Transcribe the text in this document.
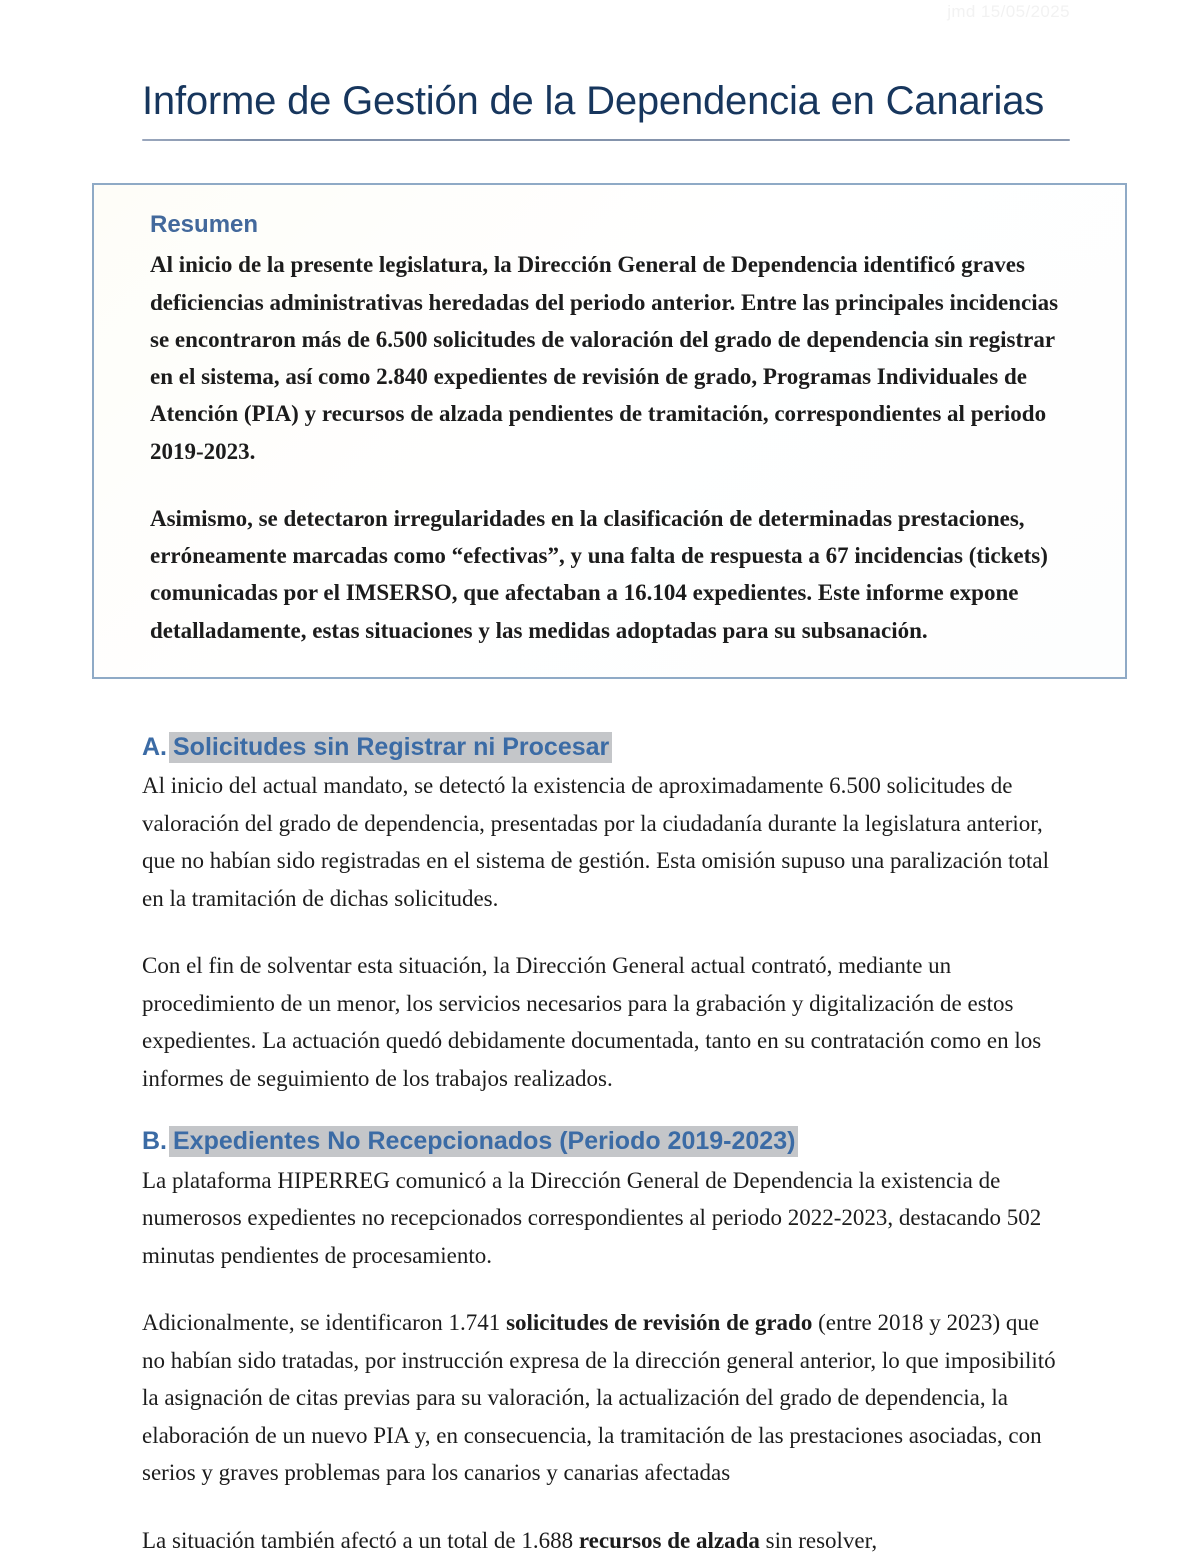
jmd 15/05/2025
Informe de Gestión de la Dependencia en Canarias
Resumen

Al inicio de la presente legislatura, la Dirección General de Dependencia identificó graves deficiencias administrativas heredadas del periodo anterior. Entre las principales incidencias se encontraron más de 6.500 solicitudes de valoración del grado de dependencia sin registrar en el sistema, así como 2.840 expedientes de revisión de grado, Programas Individuales de Atención (PIA) y recursos de alzada pendientes de tramitación, correspondientes al periodo 2019-2023.

Asimismo, se detectaron irregularidades en la clasificación de determinadas prestaciones, erróneamente marcadas como “efectivas”, y una falta de respuesta a 67 incidencias (tickets) comunicadas por el IMSERSO, que afectaban a 16.104 expedientes. Este informe expone detalladamente, estas situaciones y las medidas adoptadas para su subsanación.

A. Solicitudes sin Registrar ni Procesar

Al inicio del actual mandato, se detectó la existencia de aproximadamente 6.500 solicitudes de valoración del grado de dependencia, presentadas por la ciudadanía durante la legislatura anterior, que no habían sido registradas en el sistema de gestión. Esta omisión supuso una paralización total en la tramitación de dichas solicitudes.

Con el fin de solventar esta situación, la Dirección General actual contrató, mediante un procedimiento de un menor, los servicios necesarios para la grabación y digitalización de estos expedientes. La actuación quedó debidamente documentada, tanto en su contratación como en los informes de seguimiento de los trabajos realizados.

B. Expedientes No Recepcionados (Periodo 2019-2023)

La plataforma HIPERREG comunicó a la Dirección General de Dependencia la existencia de numerosos expedientes no recepcionados correspondientes al periodo 2022-2023, destacando 502 minutas pendientes de procesamiento.

Adicionalmente, se identificaron 1.741 solicitudes de revisión de grado (entre 2018 y 2023) que no habían sido tratadas, por instrucción expresa de la dirección general anterior, lo que imposibilitó la asignación de citas previas para su valoración, la actualización del grado de dependencia, la elaboración de un nuevo PIA y, en consecuencia, la tramitación de las prestaciones asociadas, con serios y graves problemas para los canarios y canarias afectadas

La situación también afectó a un total de 1.688 recursos de alzada sin resolver,
